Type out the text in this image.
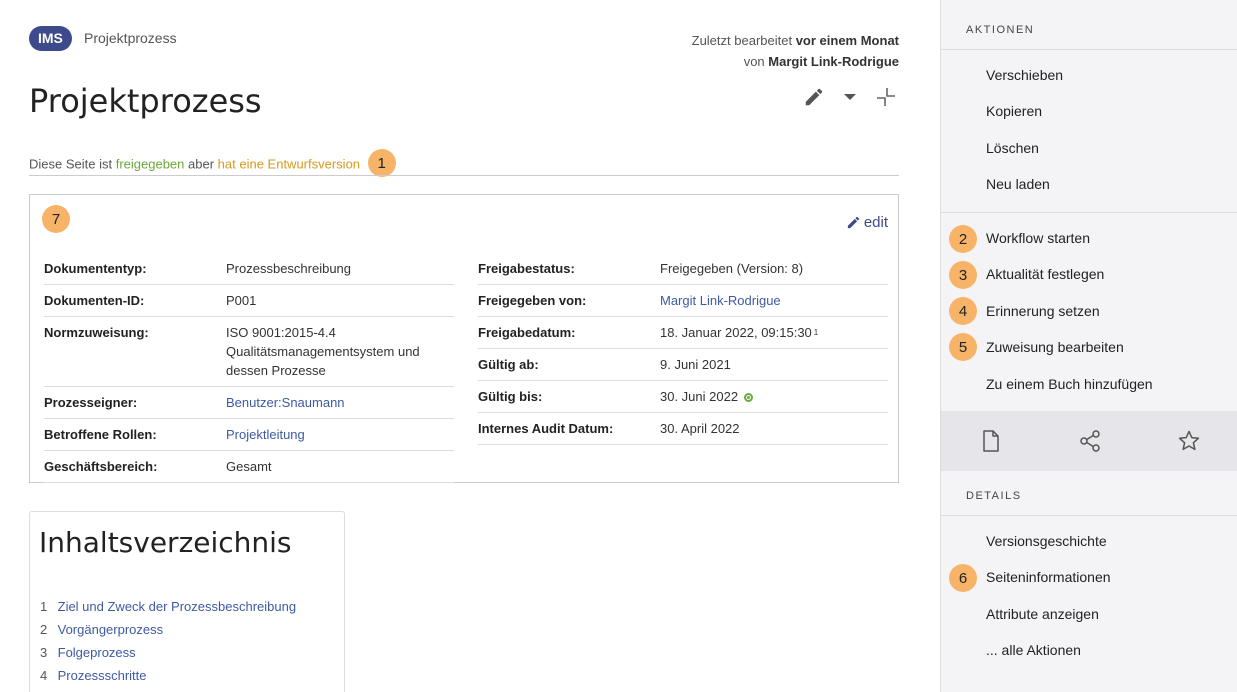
IMS	Projektprozess	Zuletzt bearbeitet vor einem Monat
von Margit Link-Rodrigue
Projektprozess
Diese Seite ist freigegeben aber hat eine Entwurfsversion 1
7	edit
Dokumententyp:	Prozessbeschreibung
Dokumenten-ID:	P001
Normzuweisung:	ISO 9001:2015-4.4 Qualitätsmanagementsystem und dessen Prozesse
Prozesseigner:	Benutzer:Snaumann
Betroffene Rollen:	Projektleitung
Geschäftsbereich:	Gesamt
Freigabestatus:	Freigegeben (Version: 8)
Freigegeben von:	Margit Link-Rodrigue
Freigabedatum:	18. Januar 2022, 09:15:30 $^1$
Gültig ab:	9. Juni 2021
Gültig bis:	30. Juni 2022
Internes Audit Datum:	30. April 2022
Inhaltsverzeichnis
1 Ziel und Zweck der Prozessbeschreibung
2 Vorgängerprozess
3 Folgeprozess
4 Prozessschritte
AKTIONEN
Verschieben
Kopieren
Löschen
Neu laden
2	Workflow starten
3	Aktualität festlegen
4	Erinnerung setzen
5	Zuweisung bearbeiten
Zu einem Buch hinzufügen
DETAILS
Versionsgeschichte
6	Seiteninformationen
Attribute anzeigen
... alle Aktionen
